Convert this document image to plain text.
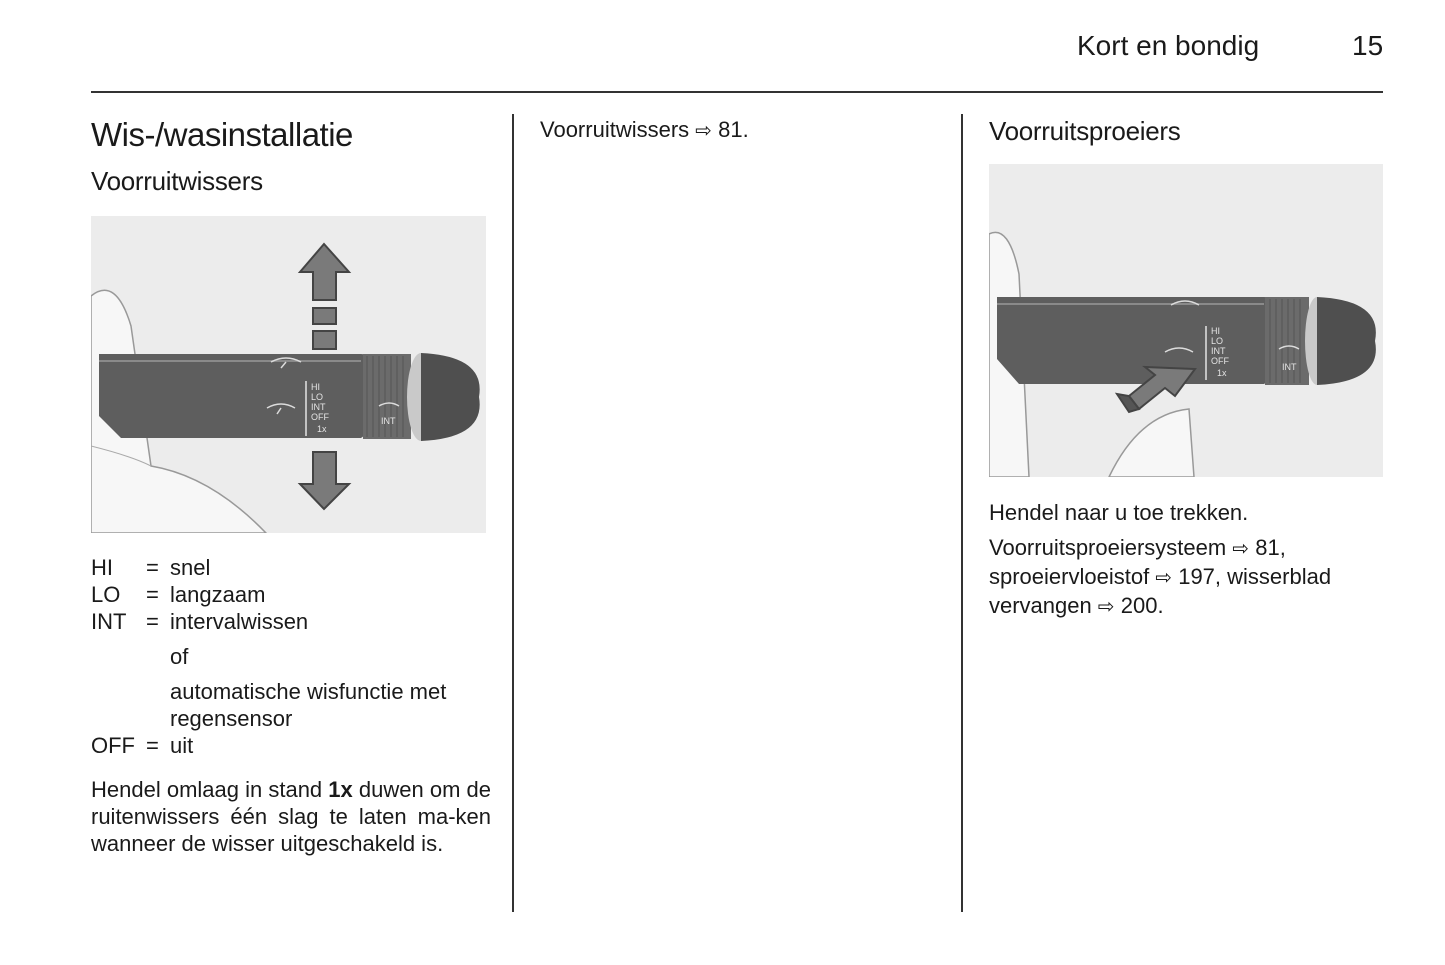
Kort en bondig	15
Wis-/wasinstallatie
Voorruitwissers
HI
LO
INT
OFF
1x
INT
HI	= snel
LO	= langzaam
INT = intervalwissen
of
automatische wisfunctie met regensensor
OFF = uit

Hendel omlaag in stand 1x duwen om de ruitenwissers één slag te laten ma-ken wanneer de wisser uitgeschakeld is.

Voorruitwissers ⇨ 81.	Voorruitsproeiers
HI
LO
INT
OFF
1x
INT

Hendel naar u toe trekken.

Voorruitsproeiersysteem ⇨ 81,
sproeiervloeistof ⇨ 197, wisserblad
vervangen ⇨ 200.
